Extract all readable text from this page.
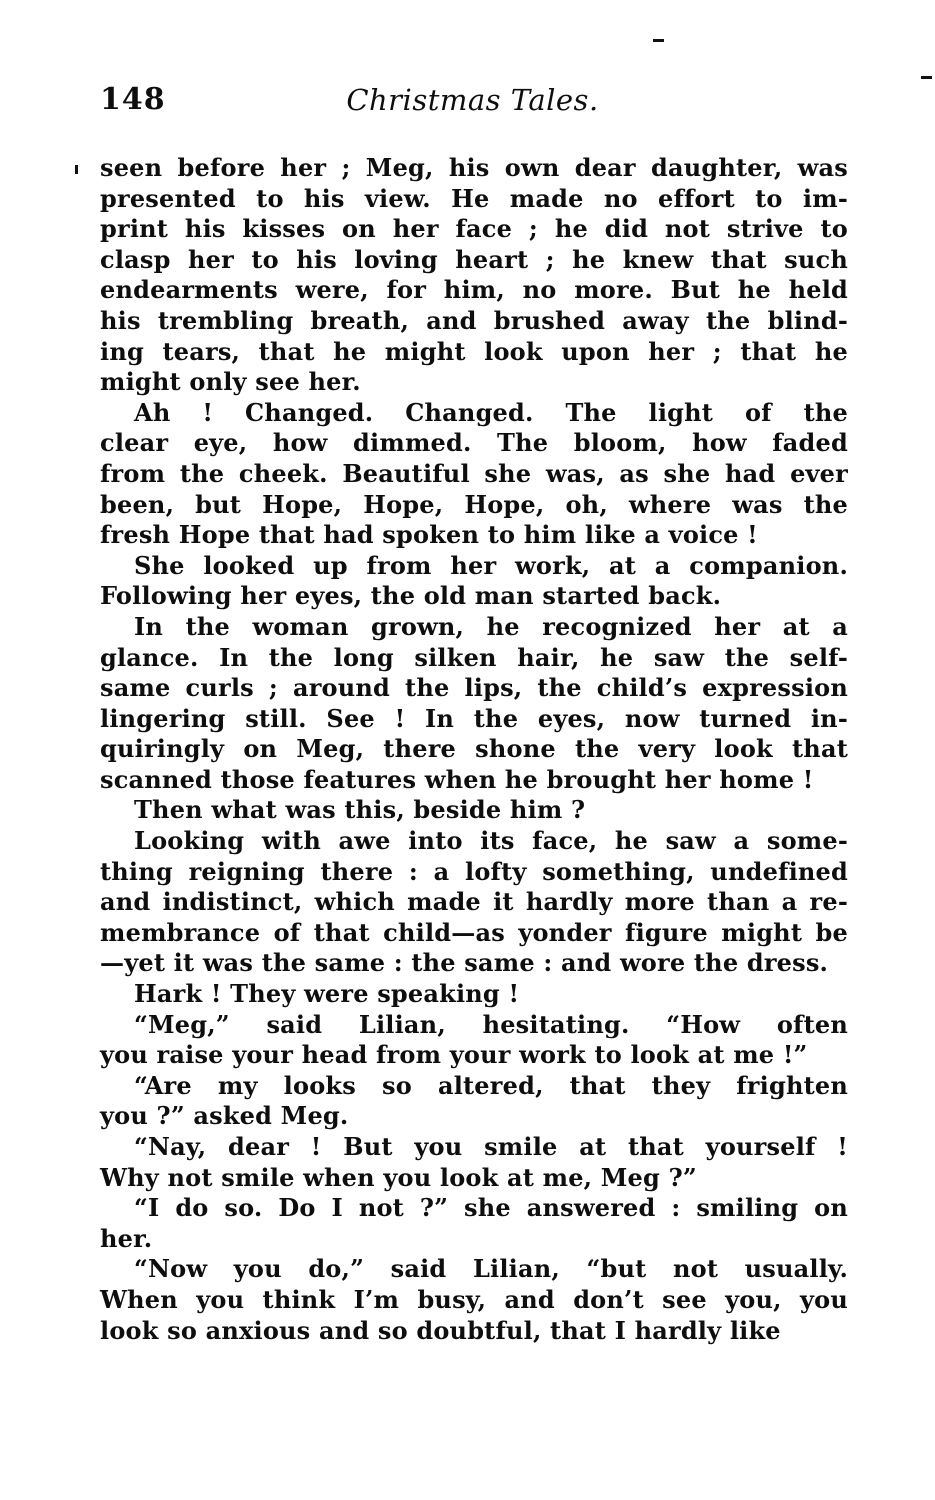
148	Christmas Tales.
seen before her ; Meg, his own dear daughter, was
presented to his view. He made no effort to im-
print his kisses on her face ; he did not strive to
clasp her to his loving heart ; he knew that such
endearments were, for him, no more. But he held
his trembling breath, and brushed away the blind-
ing tears, that he might look upon her ; that he
might only see her.
Ah ! Changed. Changed. The light of the
clear eye, how dimmed. The bloom, how faded
from the cheek. Beautiful she was, as she had ever
been, but Hope, Hope, Hope, oh, where was the
fresh Hope that had spoken to him like a voice !
She looked up from her work, at a companion.
Following her eyes, the old man started back.
In the woman grown, he recognized her at a
glance. In the long silken hair, he saw the self-
same curls ; around the lips, the child’s expression
lingering still. See ! In the eyes, now turned in-
quiringly on Meg, there shone the very look that
scanned those features when he brought her home !
Then what was this, beside him ?
Looking with awe into its face, he saw a some-
thing reigning there : a lofty something, undefined
and indistinct, which made it hardly more than a re-
membrance of that child—as yonder figure might be
—yet it was the same : the same : and wore the dress.
Hark ! They were speaking !
“Meg,” said Lilian, hesitating. “How often
you raise your head from your work to look at me !”
“Are my looks so altered, that they frighten
you ?” asked Meg.
“Nay, dear ! But you smile at that yourself !
Why not smile when you look at me, Meg ?”
“I do so. Do I not ?” she answered : smiling on
her.
“Now you do,” said Lilian, “but not usually.
When you think I’m busy, and don’t see you, you
look so anxious and so doubtful, that I hardly like
